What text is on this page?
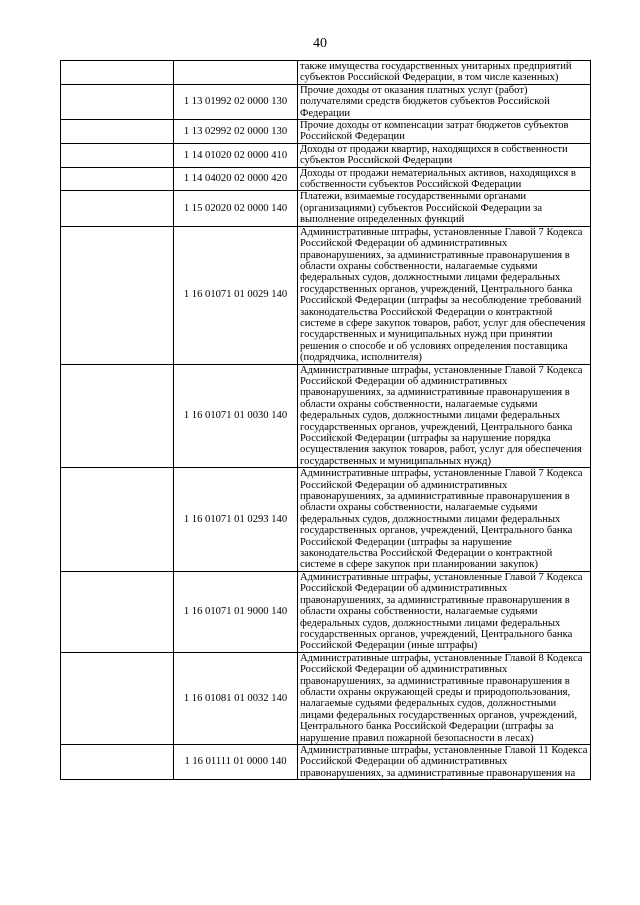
40
		также имущества государственных унитарных предприятий субъектов Российской Федерации, в том числе казенных)
	1 13 01992 02 0000 130	Прочие доходы от оказания платных услуг (работ) получателями средств бюджетов субъектов Российской Федерации
	1 13 02992 02 0000 130	Прочие доходы от компенсации затрат бюджетов субъектов Российской Федерации
	1 14 01020 02 0000 410	Доходы от продажи квартир, находящихся в собственности субъектов Российской Федерации
	1 14 04020 02 0000 420	Доходы от продажи нематериальных активов, находящихся в собственности субъектов Российской Федерации
	1 15 02020 02 0000 140	Платежи, взимаемые государственными органами (организациями) субъектов Российской Федерации за выполнение определенных функций
	1 16 01071 01 0029 140	Административные штрафы, установленные Главой 7 Кодекса Российской Федерации об административных правонарушениях, за административные правонарушения в области охраны собственности, налагаемые судьями федеральных судов, должностными лицами федеральных государственных органов, учреждений, Центрального банка Российской Федерации (штрафы за несоблюдение требований законодательства Российской Федерации о контрактной системе в сфере закупок товаров, работ, услуг для обеспечения государственных и муниципальных нужд при принятии решения о способе и об условиях определения поставщика (подрядчика, исполнителя)
	1 16 01071 01 0030 140	Административные штрафы, установленные Главой 7 Кодекса Российской Федерации об административных правонарушениях, за административные правонарушения в области охраны собственности, налагаемые судьями федеральных судов, должностными лицами федеральных государственных органов, учреждений, Центрального банка Российской Федерации (штрафы за нарушение порядка осуществления закупок товаров, работ, услуг для обеспечения государственных и муниципальных нужд)
	1 16 01071 01 0293 140	Административные штрафы, установленные Главой 7 Кодекса Российской Федерации об административных правонарушениях, за административные правонарушения в области охраны собственности, налагаемые судьями федеральных судов, должностными лицами федеральных государственных органов, учреждений, Центрального банка Российской Федерации (штрафы за нарушение законодательства Российской Федерации о контрактной системе в сфере закупок при планировании закупок)
	1 16 01071 01 9000 140	Административные штрафы, установленные Главой 7 Кодекса Российской Федерации об административных правонарушениях, за административные правонарушения в области охраны собственности, налагаемые судьями федеральных судов, должностными лицами федеральных государственных органов, учреждений, Центрального банка Российской Федерации (иные штрафы)
	1 16 01081 01 0032 140	Административные штрафы, установленные Главой 8 Кодекса Российской Федерации об административных правонарушениях, за административные правонарушения в области охраны окружающей среды и природопользования, налагаемые судьями федеральных судов, должностными лицами федеральных государственных органов, учреждений, Центрального банка Российской Федерации (штрафы за нарушение правил пожарной безопасности в лесах)
	1 16 01111 01 0000 140	Административные штрафы, установленные Главой 11 Кодекса Российской Федерации об административных правонарушениях, за административные правонарушения на
